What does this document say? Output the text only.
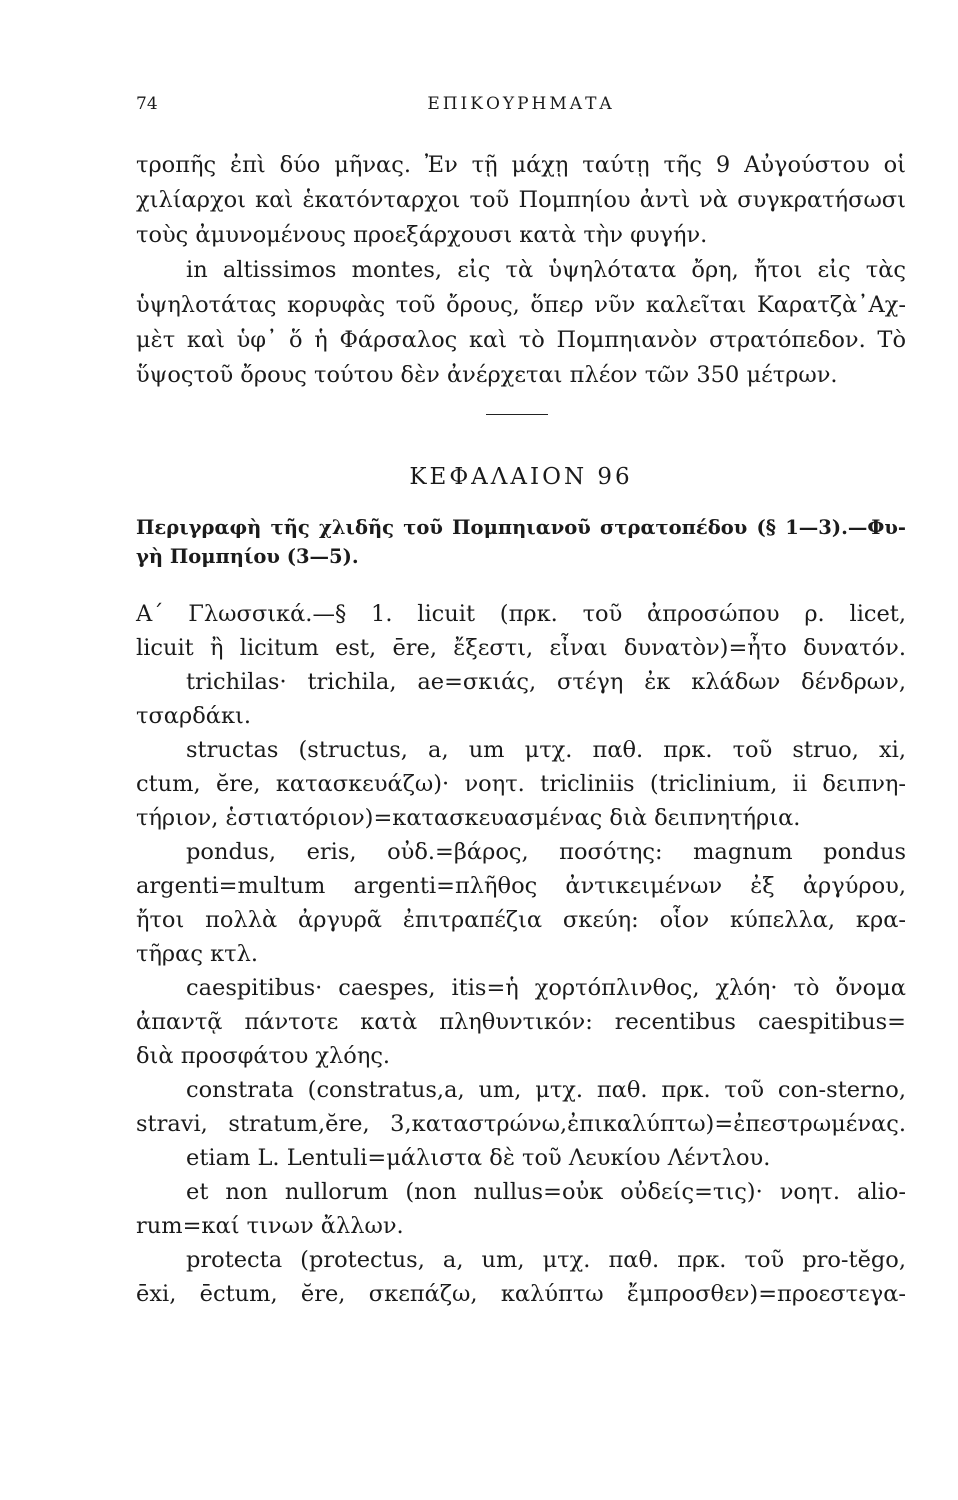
74	ΕΠΙΚΟΥΡΗΜΑΤΑ
τροπῆς ἐπὶ δύο μῆνας. Ἐν τῇ μάχῃ ταύτῃ τῆς 9 Αὐγούστου οἱ
χιλίαρχοι καὶ ἑκατόνταρχοι τοῦ Πομπηίου ἀντὶ νὰ συγκρατήσωσι
τοὺς ἀμυνομένους προεξάρχουσι κατὰ τὴν φυγήν.
in altissimos montes, εἰς τὰ ὑψηλότατα ὄρη, ἤτοι εἰς τὰς
ὑψηλοτάτας κορυφὰς τοῦ ὄρους, ὅπερ νῦν καλεῖται Καρατζὰ᾿Αχ-
μὲτ καὶ ὑφ᾿ ὅ ἡ Φάρσαλος καὶ τὸ Πομπηιανὸν στρατόπεδον. Τὸ
ὕψοςτοῦ ὄρους τούτου δὲν ἀνέρχεται πλέον τῶν 350 μέτρων.
ΚΕΦΑΛΑΙΟΝ 96
Περιγραφὴ τῆς χλιδῆς τοῦ Πομπηιανοῦ στρατοπέδου (§ 1—3).—Φυ-
γὴ Πομπηίου (3—5).
Α΄ Γλωσσικά.—§ 1. licuit (πρκ. τοῦ ἀπροσώπου ρ. licet,
licuit ἢ licitum est, ēre, ἔξεστι, εἶναι δυνατὸν)=ἦτο δυνατόν.
trichilas· trichila, ae=σκιάς, στέγη ἐκ κλάδων δένδρων,
τσαρδάκι.
structas (structus, a, um μτχ. παθ. πρκ. τοῦ struo, xi,
ctum, ĕre, κατασκευάζω)· νοητ. tricliniis (triclinium, ii δειπνη-
τήριον, ἑστιατόριον)=κατασκευασμένας διὰ δειπνητήρια.
pondus, eris, οὐδ.=βάρος, ποσότης: magnum pondus
argenti=multum argenti=πλῆθος ἀντικειμένων ἐξ ἀργύρου,
ἤτοι πολλὰ ἀργυρᾶ ἐπιτραπέζια σκεύη: οἷον κύπελλα, κρα-
τῆρας κτλ.
caespitibus· caespes, itis=ἡ χορτόπλινθος, χλόη· τὸ ὄνομα
ἀπαντᾷ πάντοτε κατὰ πληθυντικόν: recentibus caespitibus=
διὰ προσφάτου χλόης.
constrata (constratus,a, um, μτχ. παθ. πρκ. τοῦ con-sterno,
stravi, stratum,ĕre, 3,καταστρώνω,ἐπικαλύπτω)=ἐπεστρωμένας.
etiam L. Lentuli=μάλιστα δὲ τοῦ Λευκίου Λέντλου.
et non nullorum (non nullus=οὐκ οὐδείς=τις)· νοητ. alio-
rum=καί τινων ἄλλων.
protecta (protectus, a, um, μτχ. παθ. πρκ. τοῦ pro-tĕgo,
ēxi, ēctum, ĕre, σκεπάζω, καλύπτω ἔμπροσθεν)=προεστεγα-
